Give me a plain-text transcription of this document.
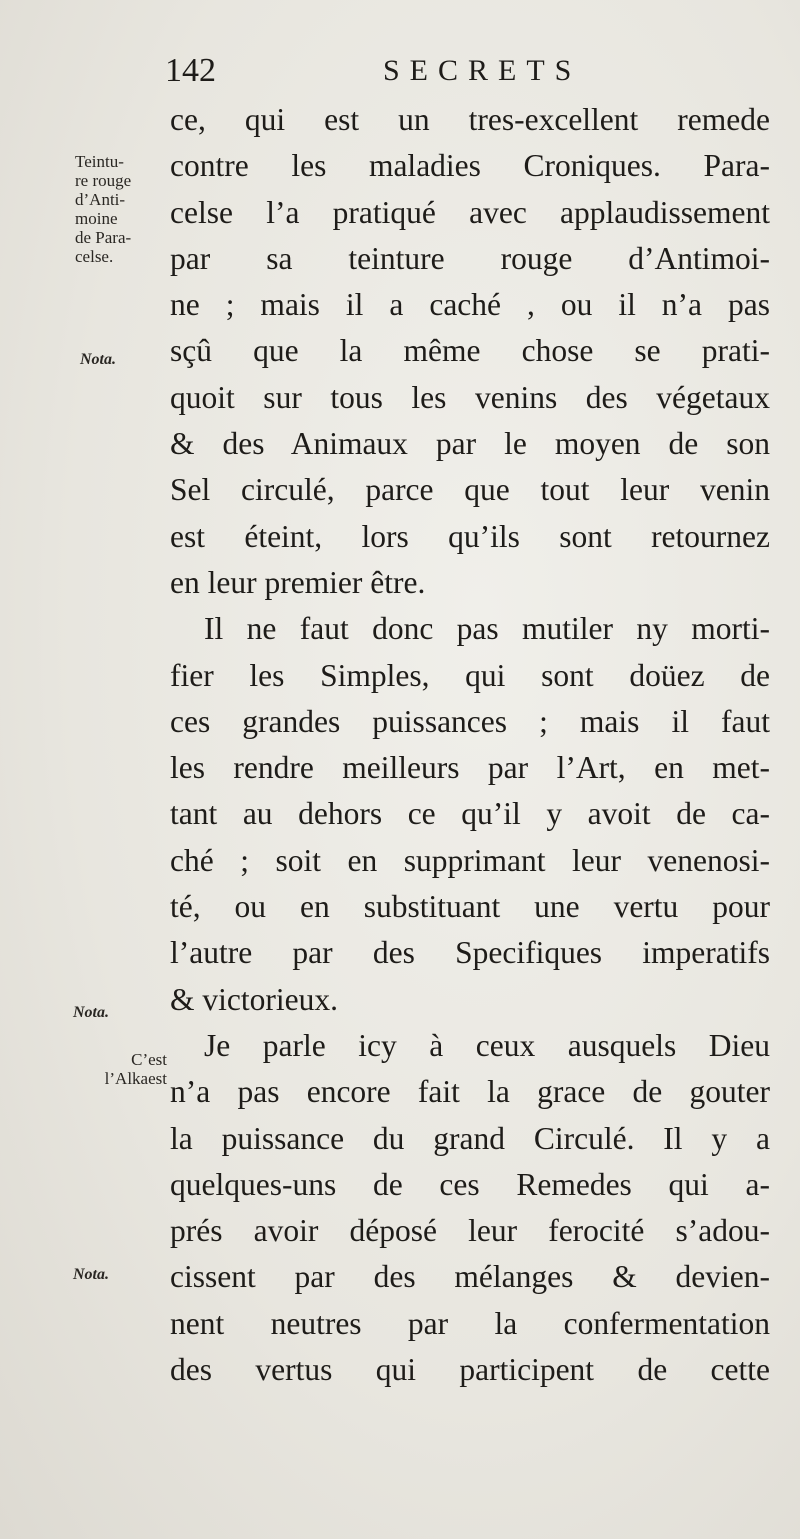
142	SECRETS
Teintu-
re rouge
d’Anti-
moine
de Para-
celse.
Nota.
Nota.
C’est
l’Alkaest
Nota.
ce, qui est un tres-excellent remede
contre les maladies Croniques. Para-
celse l’a pratiqué avec applaudissement
par sa teinture rouge d’Antimoi-
ne ; mais il a caché , ou il n’a pas
sçû que la même chose se prati-
quoit sur tous les venins des végetaux
& des Animaux par le moyen de son
Sel circulé, parce que tout leur venin
est éteint, lors qu’ils sont retournez
en leur premier être.
Il ne faut donc pas mutiler ny morti-
fier les Simples, qui sont doüez de
ces grandes puissances ; mais il faut
les rendre meilleurs par l’Art, en met-
tant au dehors ce qu’il y avoit de ca-
ché ; soit en supprimant leur venenosi-
té, ou en substituant une vertu pour
l’autre par des Specifiques imperatifs
& victorieux.
Je parle icy à ceux ausquels Dieu
n’a pas encore fait la grace de gouter
la puissance du grand Circulé. Il y a
quelques-uns de ces Remedes qui a-
prés avoir déposé leur ferocité s’adou-
cissent par des mélanges & devien-
nent neutres par la confermentation
des vertus qui participent de cette
